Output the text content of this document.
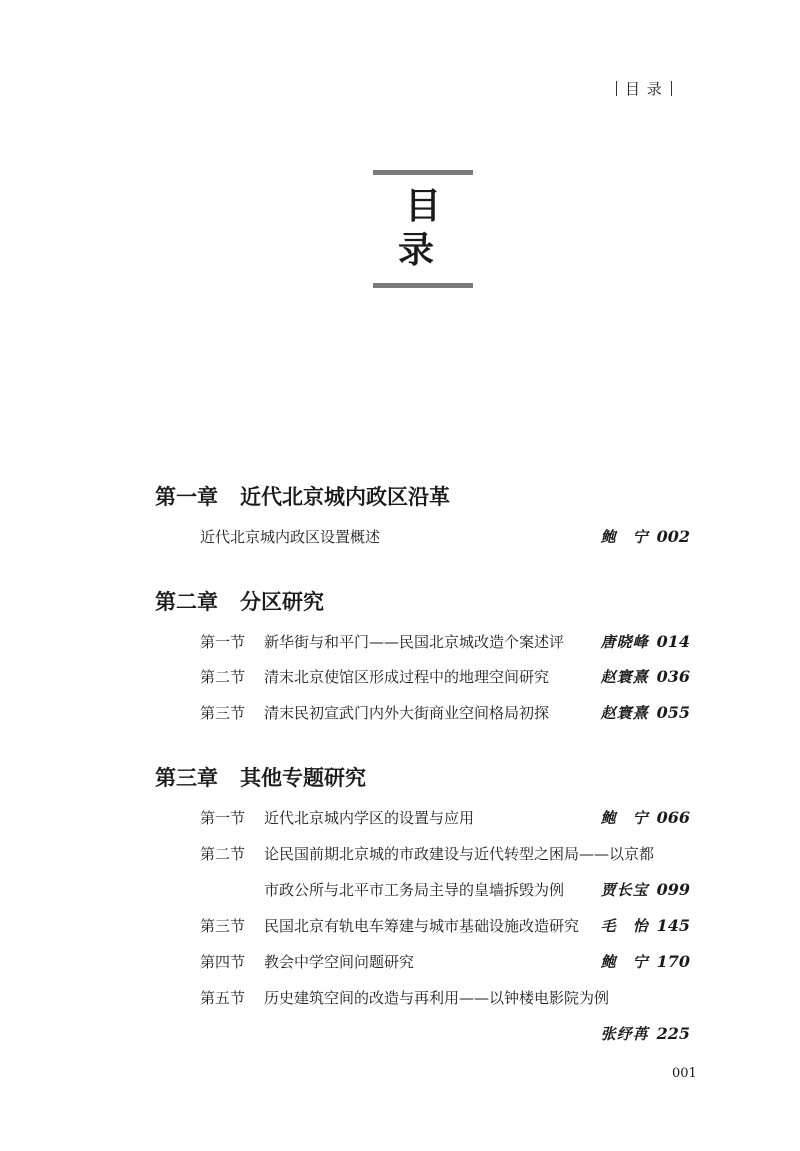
目 录
目录
第一章 近代北京城内政区沿革
近代北京城内政区设置概述	鲍　宁 002
第二章 分区研究
第一节 新华街与和平门——民国北京城改造个案述评 唐晓峰 014
第二节 清末北京使馆区形成过程中的地理空间研究	赵寰熹 036
第三节 清末民初宣武门内外大街商业空间格局初探	赵寰熹 055
第三章 其他专题研究
第一节 近代北京城内学区的设置与应用	鲍　宁 066
第二节 论民国前期北京城的市政建设与近代转型之困局——以京都
市政公所与北平市工务局主导的皇墙拆毁为例 贾长宝 099
第三节 民国北京有轨电车筹建与城市基础设施改造研究 毛　怡 145
第四节 教会中学空间问题研究	鲍　宁 170
第五节 历史建筑空间的改造与再利用——以钟楼电影院为例
张纾苒 225
001
